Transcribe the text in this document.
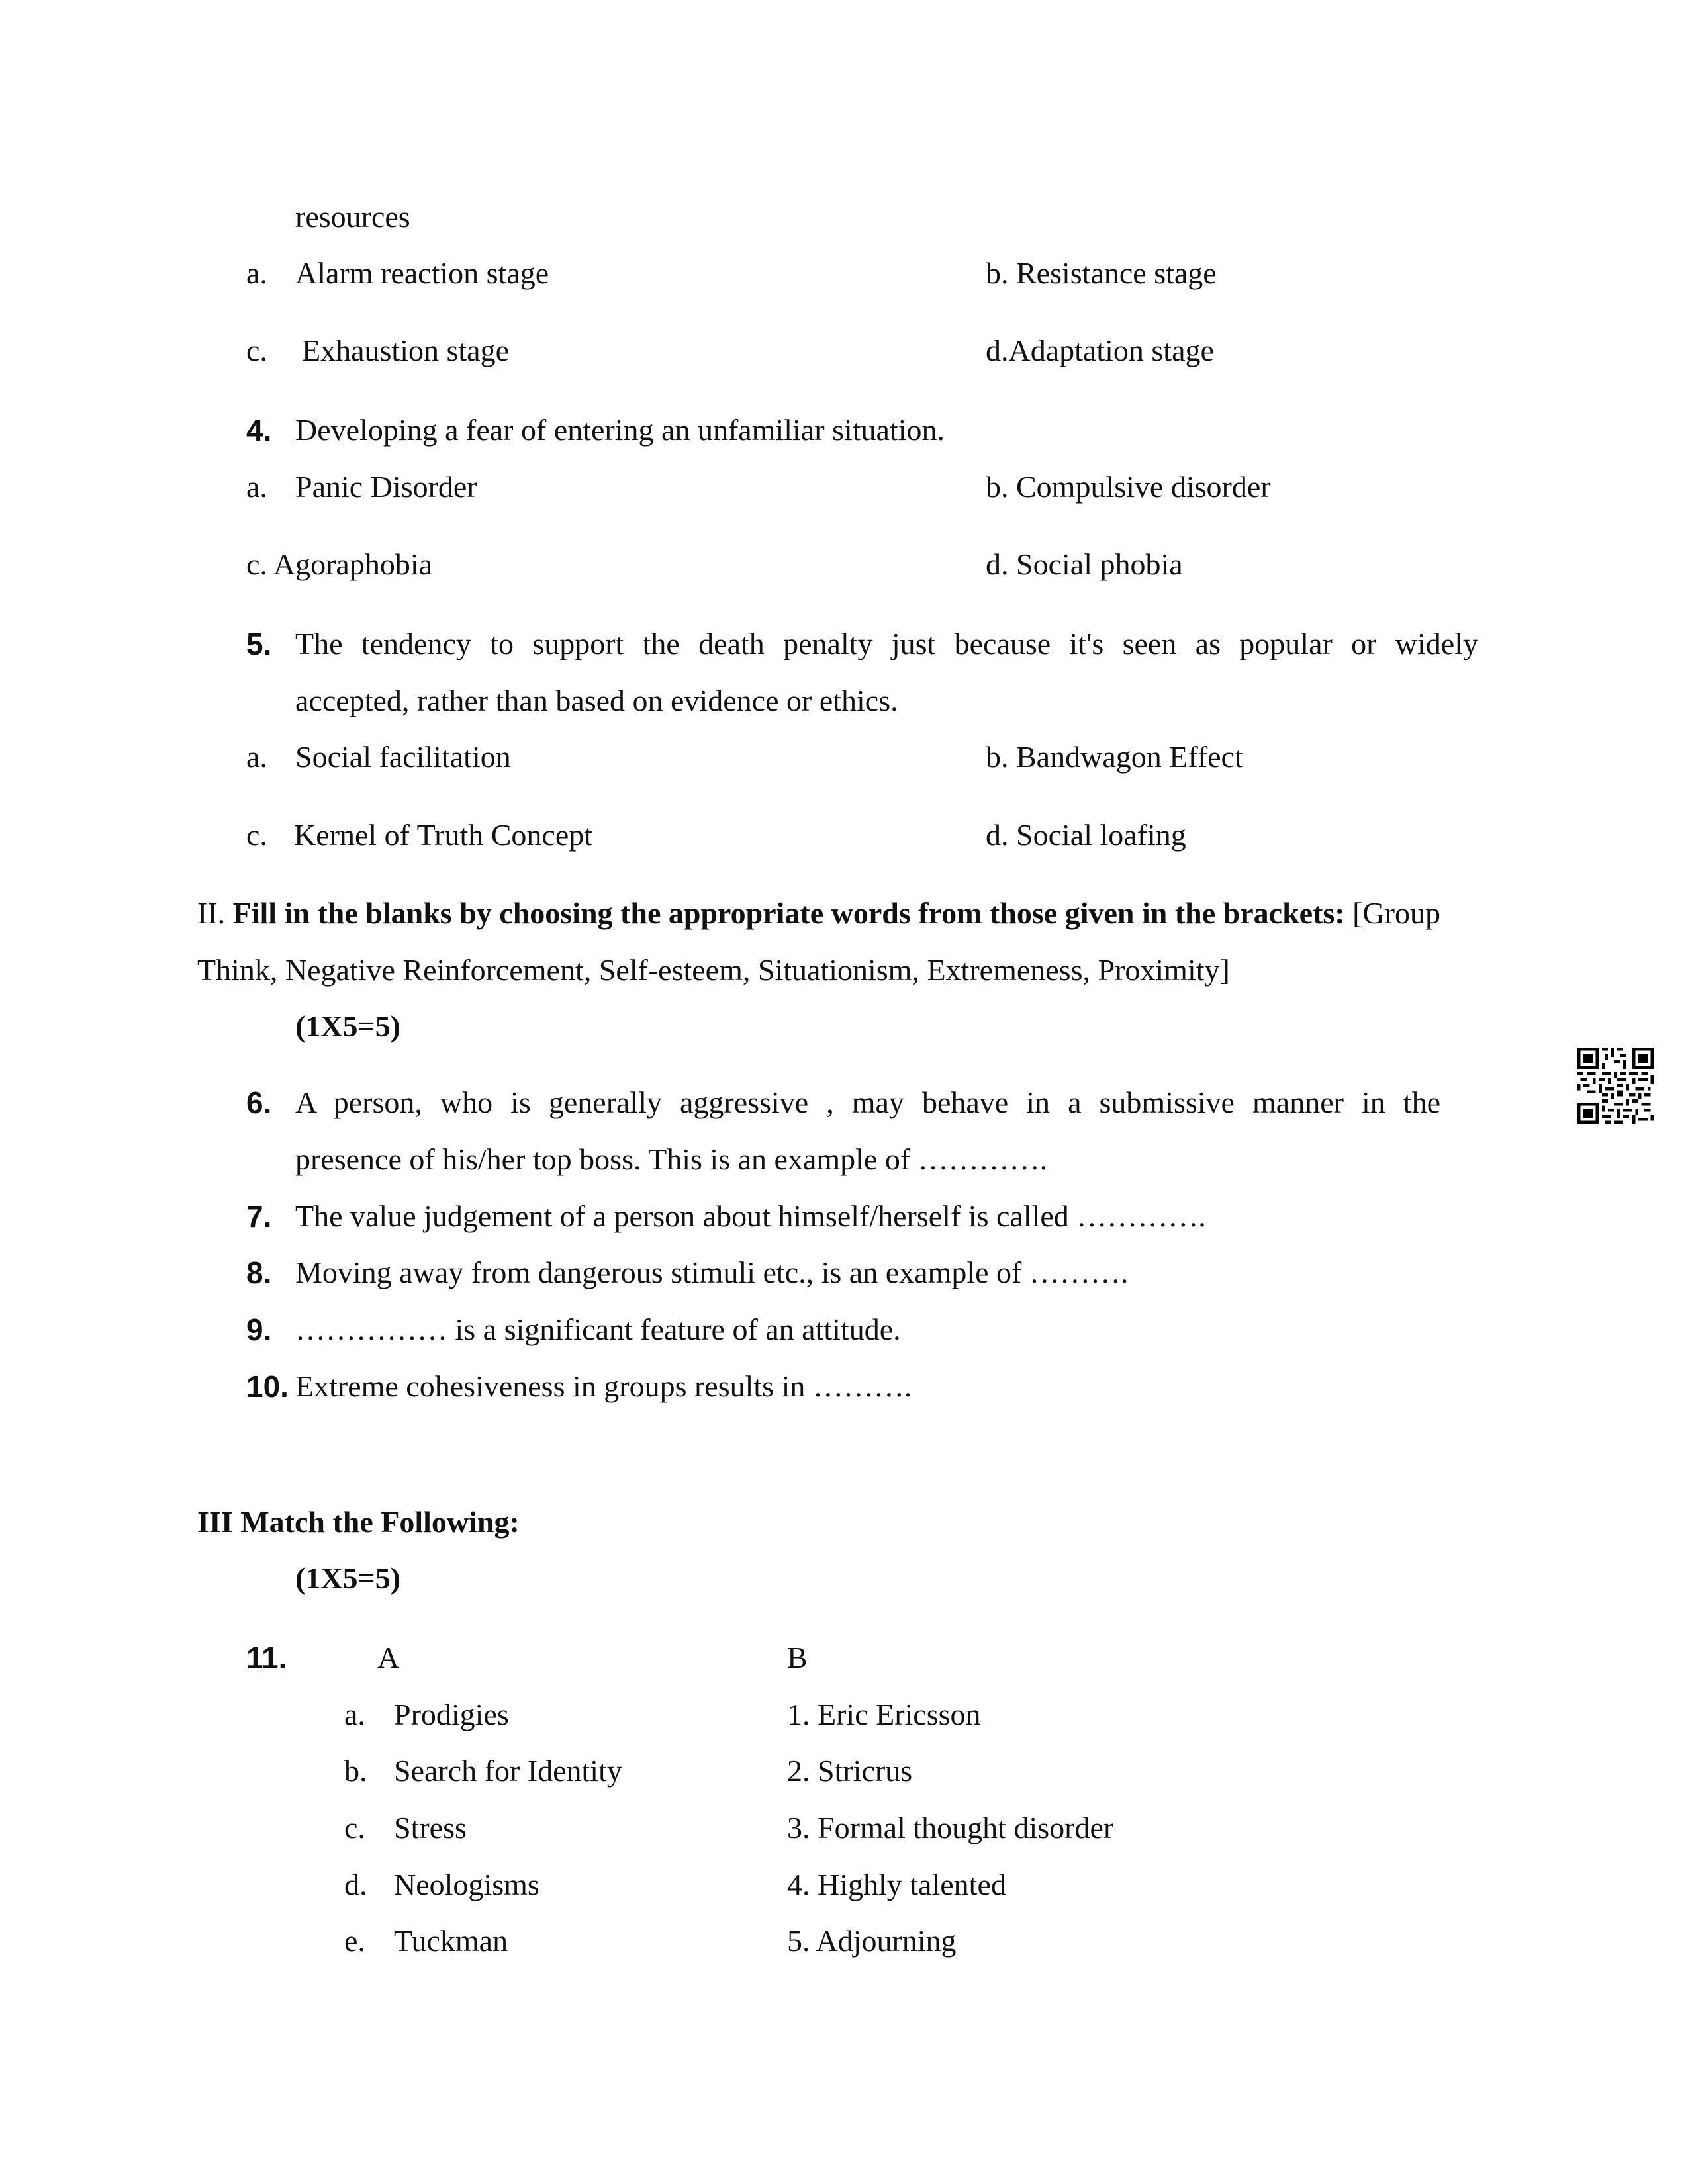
resources
a. Alarm reaction stage	b. Resistance stage
c. Exhaustion stage	d.Adaptation stage
4. Developing a fear of entering an unfamiliar situation.
a. Panic Disorder	b. Compulsive disorder
c. Agoraphobia	d. Social phobia
5. The tendency to support the death penalty just because it's seen as popular or widely
accepted, rather than based on evidence or ethics.
a. Social facilitation	b. Bandwagon Effect
c. Kernel of Truth Concept	d. Social loafing
II. Fill in the blanks by choosing the appropriate words from those given in the brackets: [Group
Think, Negative Reinforcement, Self-esteem, Situationism, Extremeness, Proximity]
(1X5=5)
6. A person, who is generally aggressive , may behave in a submissive manner in the
presence of his/her top boss. This is an example of ………….
7. The value judgement of a person about himself/herself is called ………….
8. Moving away from dangerous stimuli etc., is an example of ……….
9. …………… is a significant feature of an attitude.
10. Extreme cohesiveness in groups results in ……….
III Match the Following:
(1X5=5)
11.	A	B
a. Prodigies	1. Eric Ericsson
b. Search for Identity	2. Stricrus
c. Stress	3. Formal thought disorder
d. Neologisms	4. Highly talented
e. Tuckman	5. Adjourning
